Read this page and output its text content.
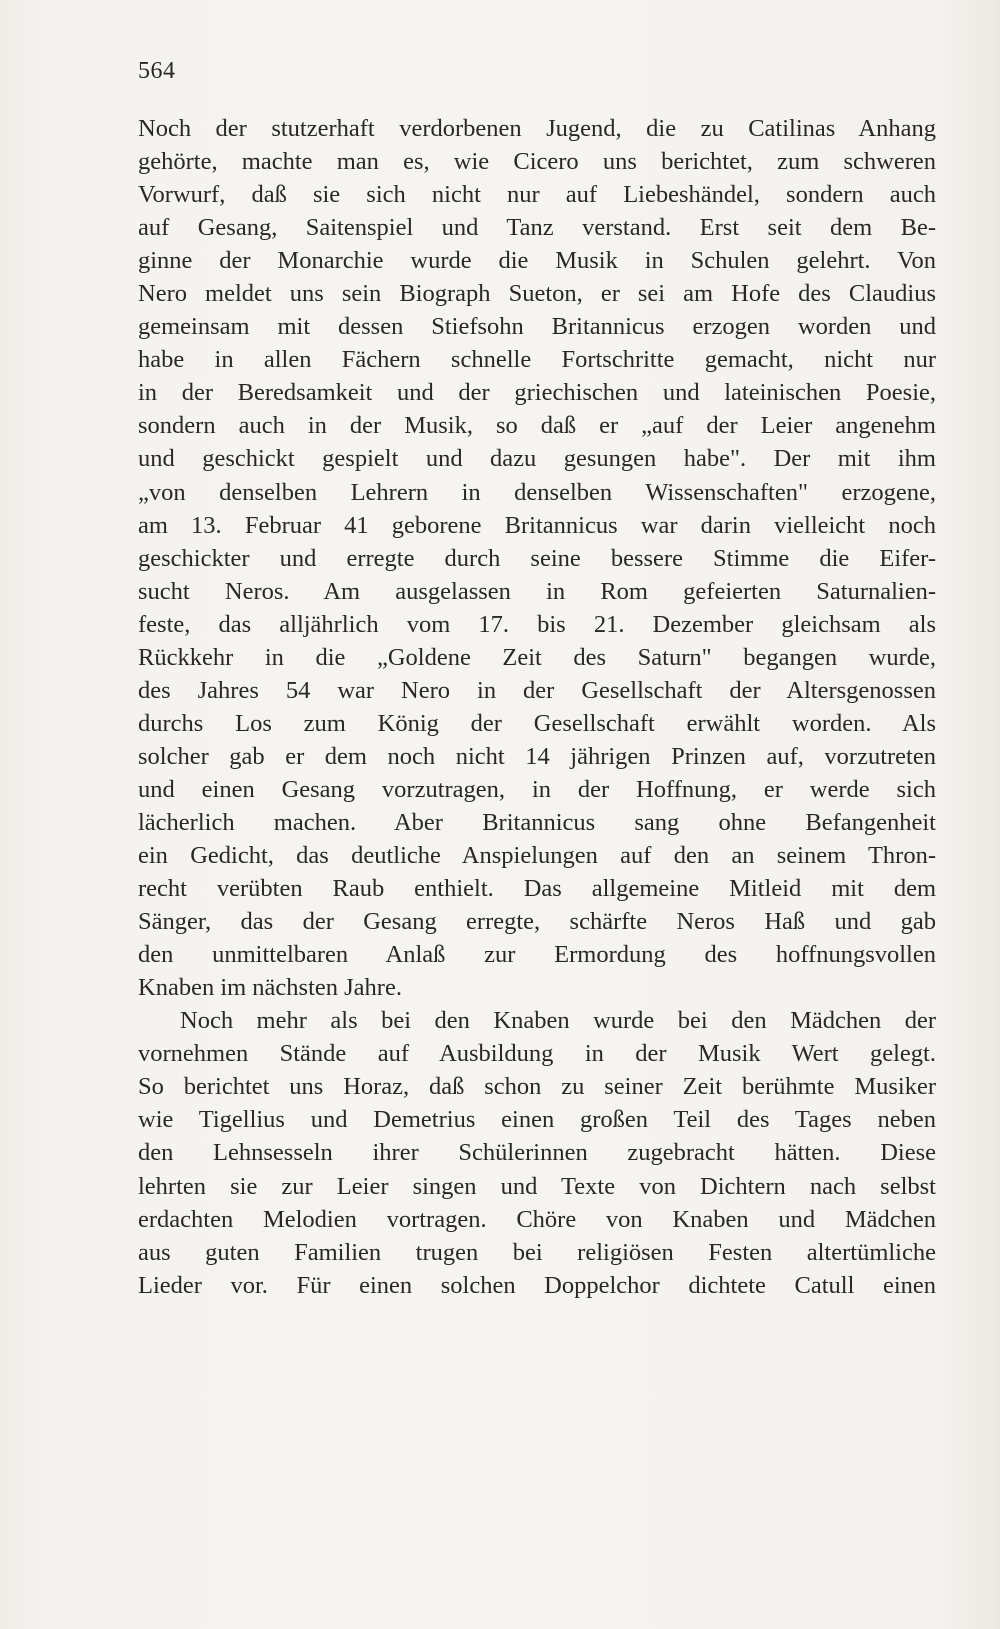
564
Noch der stutzerhaft verdorbenen Jugend, die zu Catilinas Anhang
gehörte, machte man es, wie Cicero uns berichtet, zum schweren
Vorwurf, daß sie sich nicht nur auf Liebeshändel, sondern auch
auf Gesang, Saitenspiel und Tanz verstand. Erst seit dem Be-
ginne der Monarchie wurde die Musik in Schulen gelehrt. Von
Nero meldet uns sein Biograph Sueton, er sei am Hofe des Claudius
gemeinsam mit dessen Stiefsohn Britannicus erzogen worden und
habe in allen Fächern schnelle Fortschritte gemacht, nicht nur
in der Beredsamkeit und der griechischen und lateinischen Poesie,
sondern auch in der Musik, so daß er „auf der Leier angenehm
und geschickt gespielt und dazu gesungen habe". Der mit ihm
„von denselben Lehrern in denselben Wissenschaften" erzogene,
am 13. Februar 41 geborene Britannicus war darin vielleicht noch
geschickter und erregte durch seine bessere Stimme die Eifer-
sucht Neros. Am ausgelassen in Rom gefeierten Saturnalien-
feste, das alljährlich vom 17. bis 21. Dezember gleichsam als
Rückkehr in die „Goldene Zeit des Saturn" begangen wurde,
des Jahres 54 war Nero in der Gesellschaft der Altersgenossen
durchs Los zum König der Gesellschaft erwählt worden. Als
solcher gab er dem noch nicht 14 jährigen Prinzen auf, vorzutreten
und einen Gesang vorzutragen, in der Hoffnung, er werde sich
lächerlich machen. Aber Britannicus sang ohne Befangenheit
ein Gedicht, das deutliche Anspielungen auf den an seinem Thron-
recht verübten Raub enthielt. Das allgemeine Mitleid mit dem
Sänger, das der Gesang erregte, schärfte Neros Haß und gab
den unmittelbaren Anlaß zur Ermordung des hoffnungsvollen
Knaben im nächsten Jahre.
Noch mehr als bei den Knaben wurde bei den Mädchen der
vornehmen Stände auf Ausbildung in der Musik Wert gelegt.
So berichtet uns Horaz, daß schon zu seiner Zeit berühmte Musiker
wie Tigellius und Demetrius einen großen Teil des Tages neben
den Lehnsesseln ihrer Schülerinnen zugebracht hätten. Diese
lehrten sie zur Leier singen und Texte von Dichtern nach selbst
erdachten Melodien vortragen. Chöre von Knaben und Mädchen
aus guten Familien trugen bei religiösen Festen altertümliche
Lieder vor. Für einen solchen Doppelchor dichtete Catull einen
